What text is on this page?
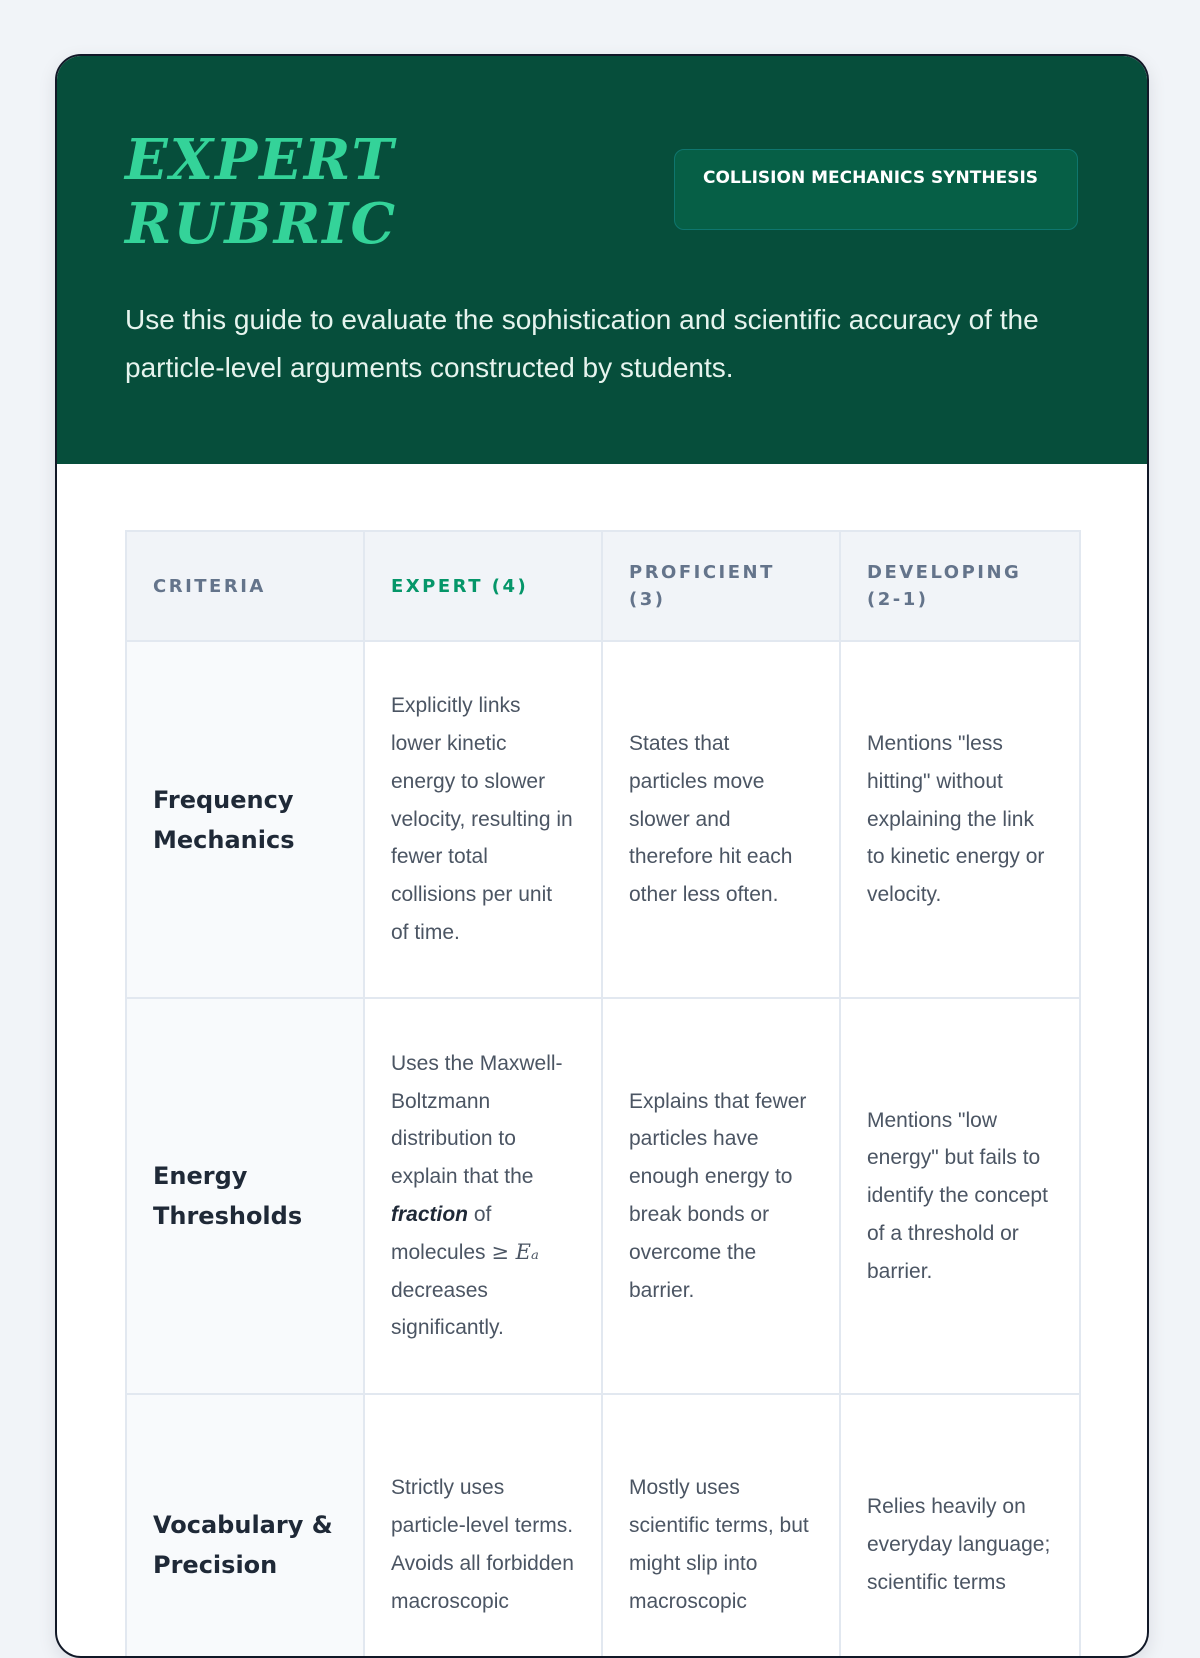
EXPERT
RUBRIC
COLLISION MECHANICS SYNTHESIS

Use this guide to evaluate the sophistication and scientific accuracy of the particle-level arguments constructed by students.

CRITERIA	EXPERT (4)	PROFICIENT (3)	DEVELOPING (2-1)
Frequency Mechanics	Explicitly links lower kinetic energy to slower velocity, resulting in fewer total collisions per unit of time.	States that particles move slower and therefore hit each other less often.	Mentions "less hitting" without explaining the link to kinetic energy or velocity.
Energy Thresholds	Uses the Maxwell-Boltzmann distribution to explain that the fraction of molecules ≥ Eₐ decreases significantly.	Explains that fewer particles have enough energy to break bonds or overcome the barrier.	Mentions "low energy" but fails to identify the concept of a threshold or barrier.
Vocabulary & Precision	Strictly uses particle-level terms. Avoids all forbidden macroscopic	Mostly uses scientific terms, but might slip into macroscopic	Relies heavily on everyday language; scientific terms
